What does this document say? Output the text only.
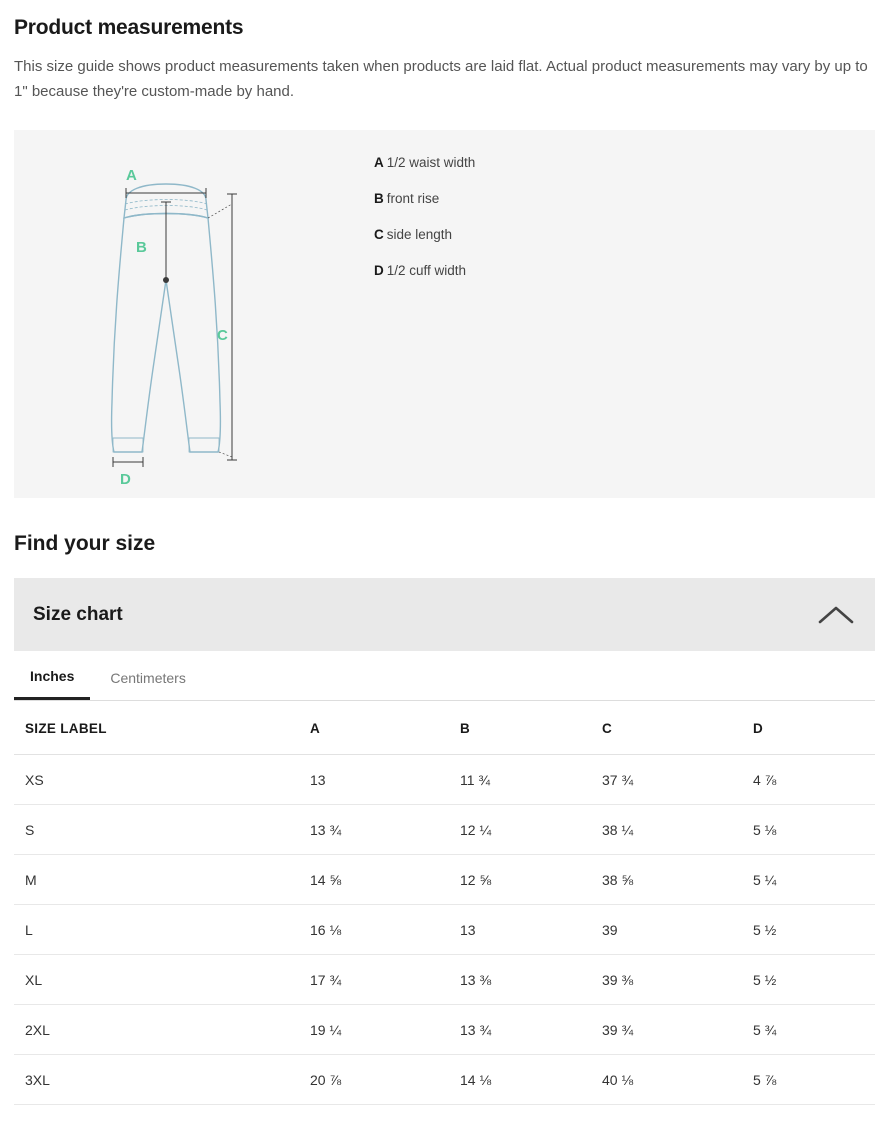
Product measurements

This size guide shows product measurements taken when products are laid flat. Actual product measurements may vary by up to 1" because they're custom-made by hand.

A
B
C
D
A 1/2 waist width
B front rise
C side length
D 1/2 cuff width
Find your size
Size chart
Inches	Centimeters
SIZE LABEL	A	B	C	D
XS	13	11 ¾	37 ¾	4 ⅞
S	13 ¾	12 ¼	38 ¼	5 ⅛
M	14 ⅝	12 ⅝	38 ⅝	5 ¼
L	16 ⅛	13	39	5 ½
XL	17 ¾	13 ⅜	39 ⅜	5 ½
2XL	19 ¼	13 ¾	39 ¾	5 ¾
3XL	20 ⅞	14 ⅛	40 ⅛	5 ⅞
